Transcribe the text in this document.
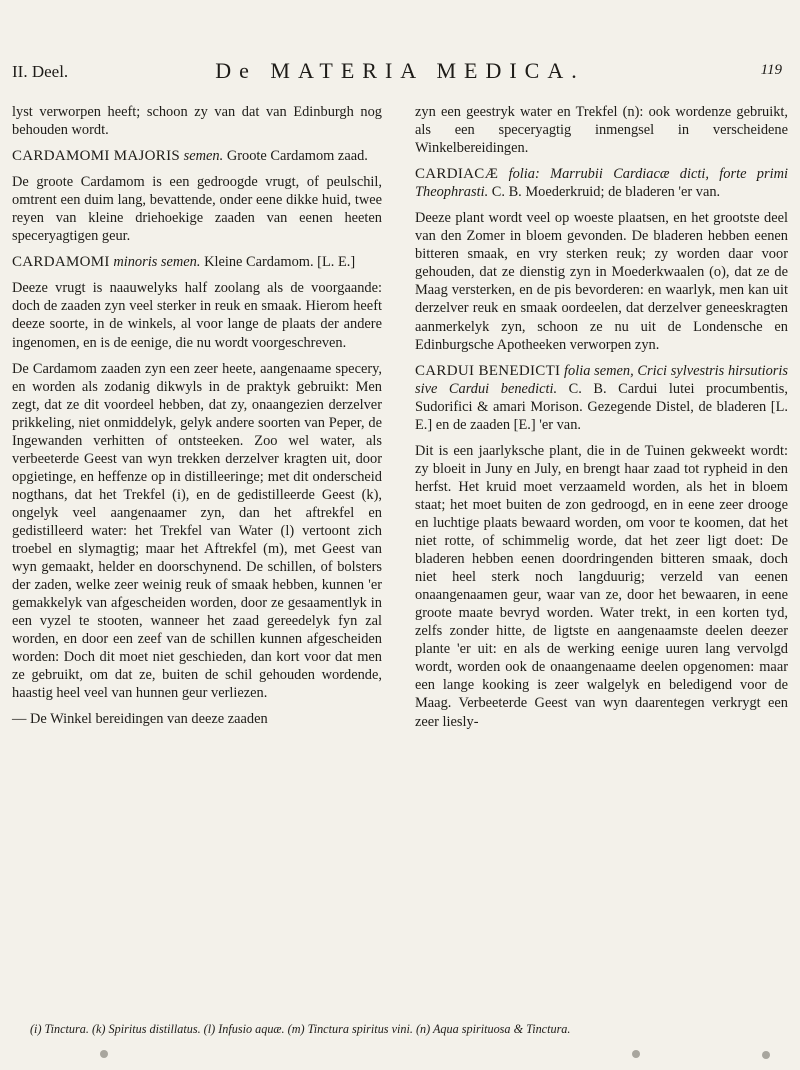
II. Deel.	De MATERIA MEDICA.	119

lyst verworpen heeft; schoon zy van dat van Edinburgh nog behouden wordt.

CARDAMOMI MAJORIS semen. Groote Cardamom zaad.

De groote Cardamom is een gedroogde vrugt, of peulschil, omtrent een duim lang, bevattende, onder eene dikke huid, twee reyen van kleine driehoekige zaaden van eenen heeten speceryagtigen geur.

CARDAMOMI minoris semen. Kleine Cardamom. [L. E.]

Deeze vrugt is naauwelyks half zoolang als de voorgaande: doch de zaaden zyn veel sterker in reuk en smaak. Hierom heeft deeze soorte, in de winkels, al voor lange de plaats der andere ingenomen, en is de eenige, die nu wordt voorgeschreven.

De Cardamom zaaden zyn een zeer heete, aangenaame specery, en worden als zodanig dikwyls in de praktyk gebruikt: Men zegt, dat ze dit voordeel hebben, dat zy, onaangezien derzelver prikkeling, niet onmiddelyk, gelyk andere soorten van Peper, de Ingewanden verhitten of ontsteeken. Zoo wel water, als verbeeterde Geest van wyn trekken derzelver kragten uit, door opgietinge, en heffenze op in distilleeringe; met dit onderscheid nogthans, dat het Trekfel (i), en de gedistilleerde Geest (k), ongelyk veel aangenaamer zyn, dan het aftrekfel en gedistilleerd water: het Trekfel van Water (l) vertoont zich troebel en slymagtig; maar het Aftrekfel (m), met Geest van wyn gemaakt, helder en doorschynend. De schillen, of bolsters der zaden, welke zeer weinig reuk of smaak hebben, kunnen 'er gemakkelyk van afgescheiden worden, door ze gesaamentlyk in een vyzel te stooten, wanneer het zaad gereedelyk fyn zal worden, en door een zeef van de schillen kunnen afgescheiden worden: Doch dit moet niet geschieden, dan kort voor dat men ze gebruikt, om dat ze, buiten de schil gehouden wordende, haastig heel veel van hunnen geur verliezen.

— De Winkel bereidingen van deeze zaaden

zyn een geestryk water en Trekfel (n): ook wordenze gebruikt, als een speceryagtig inmengsel in verscheidene Winkelbereidingen.

CARDIACÆ folia: Marrubii Cardiacæ dicti, forte primi Theophrasti. C. B. Moederkruid; de bladeren 'er van.

Deeze plant wordt veel op woeste plaatsen, en het grootste deel van den Zomer in bloem gevonden. De bladeren hebben eenen bitteren smaak, en vry sterken reuk; zy worden daar voor gehouden, dat ze dienstig zyn in Moederkwaalen (o), dat ze de Maag versterken, en de pis bevorderen: en waarlyk, men kan uit derzelver reuk en smaak oordeelen, dat derzelver geneeskragten aanmerkelyk zyn, schoon ze nu uit de Londensche en Edinburgsche Apotheeken verworpen zyn.

CARDUI BENEDICTI folia semen, Crici sylvestris hirsutioris sive Cardui benedicti. C. B. Cardui lutei procumbentis, Sudorifici & amari Morison. Gezegende Distel, de bladeren [L. E.] en de zaaden [E.] 'er van.

Dit is een jaarlyksche plant, die in de Tuinen gekweekt wordt: zy bloeit in Juny en July, en brengt haar zaad tot rypheid in den herfst. Het kruid moet verzaameld worden, als het in bloem staat; het moet buiten de zon gedroogd, en in eene zeer drooge en luchtige plaats bewaard worden, om voor te koomen, dat het niet rotte, of schimmelig worde, dat het zeer ligt doet: De bladeren hebben eenen doordringenden bitteren smaak, doch niet heel sterk noch langduurig; verzeld van eenen onaangenaamen geur, waar van ze, door het bewaaren, in eene groote maate bevryd worden. Water trekt, in een korten tyd, zelfs zonder hitte, de ligtste en aangenaamste deelen deezer plante 'er uit: en als de werking eenige uuren lang vervolgd wordt, worden ook de onaangenaame deelen opgenomen: maar een lange kooking is zeer walgelyk en beledigend voor de Maag. Verbeeterde Geest van wyn daarentegen verkrygt een zeer liesly-

(i) Tinctura. (k) Spiritus distillatus. (l) Infusio aquæ. (m) Tinctura spiritus vini. (n) Aqua spirituosa & Tinctura.
